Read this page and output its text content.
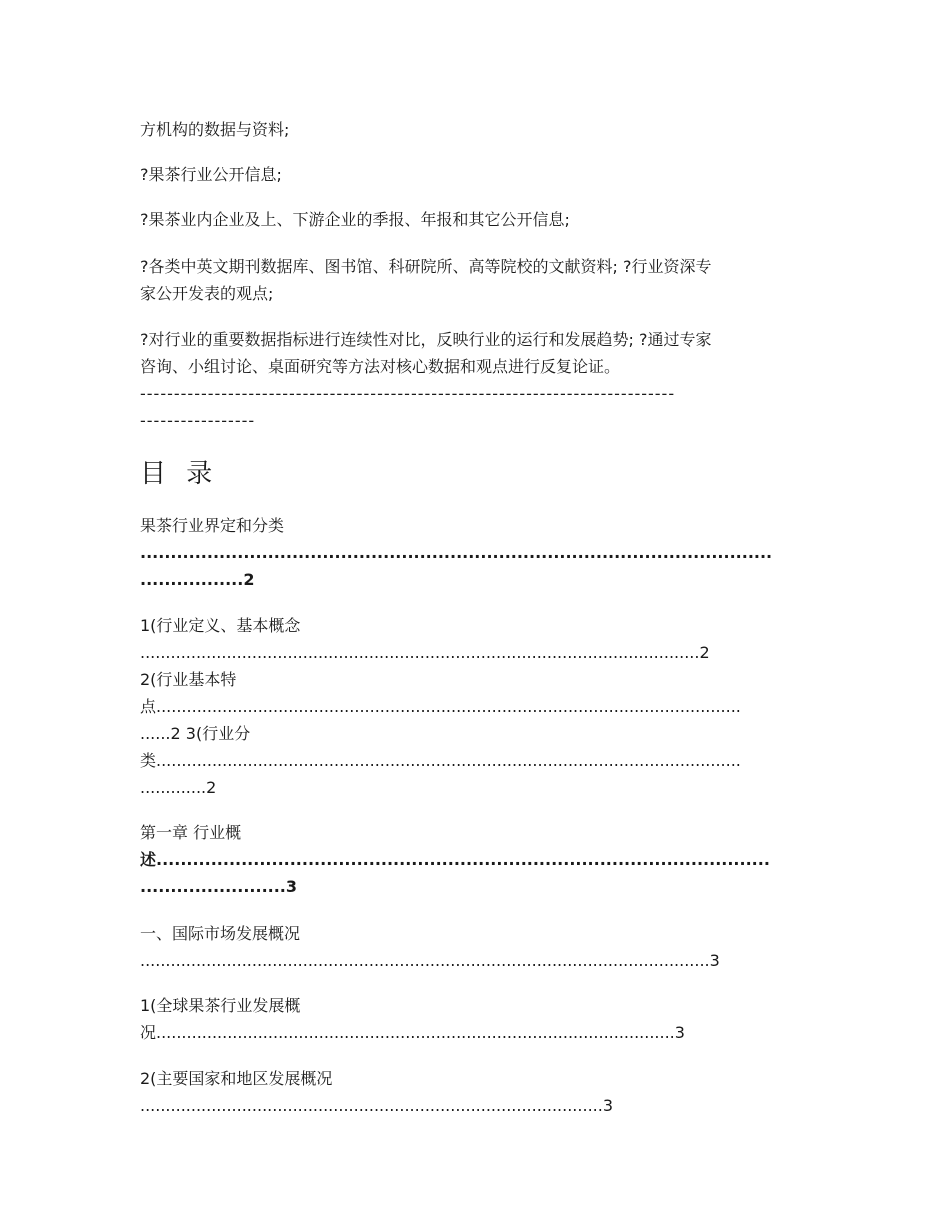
方机构的数据与资料;
?果茶行业公开信息;
?果茶业内企业及上、下游企业的季报、年报和其它公开信息;
?各类中英文期刊数据库、图书馆、科研院所、高等院校的文献资料; ?行业资深专
家公开发表的观点;
?对行业的重要数据指标进行连续性对比，反映行业的运行和发展趋势; ?通过专家
咨询、小组讨论、桌面研究等方法对核心数据和观点进行反复论证。
-------------------------------------------------------------------------------
-----------------
目 录
果茶行业界定和分类
........................................................................................................
.................2
1(行业定义、基本概念
..............................................................................................................2
2(行业基本特
点...................................................................................................................
......2 3(行业分
类...................................................................................................................
.............2
第一章 行业概
述.....................................................................................................
........................3
一、国际市场发展概况
................................................................................................................3
1(全球果茶行业发展概
况......................................................................................................3
2(主要国家和地区发展概况
...........................................................................................3
